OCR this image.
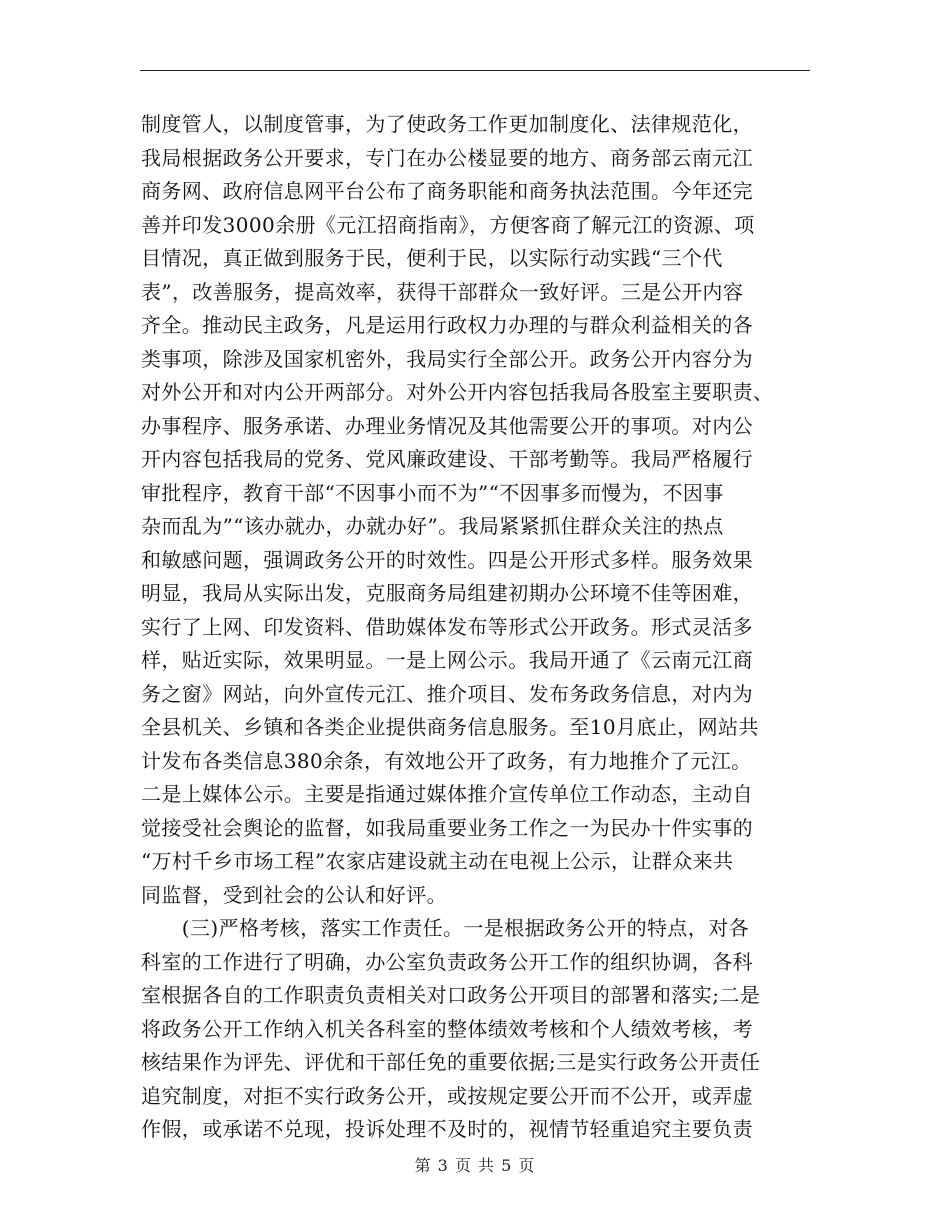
制度管人，以制度管事，为了使政务工作更加制度化、法律规范化，
我局根据政务公开要求，专门在办公楼显要的地方、商务部云南元江
商务网、政府信息网平台公布了商务职能和商务执法范围。今年还完
善并印发3000余册《元江招商指南》，方便客商了解元江的资源、项
目情况，真正做到服务于民，便利于民，以实际行动实践“三个代
表”，改善服务，提高效率，获得干部群众一致好评。三是公开内容
齐全。推动民主政务，凡是运用行政权力办理的与群众利益相关的各
类事项，除涉及国家机密外，我局实行全部公开。政务公开内容分为
对外公开和对内公开两部分。对外公开内容包括我局各股室主要职责、
办事程序、服务承诺、办理业务情况及其他需要公开的事项。对内公
开内容包括我局的党务、党风廉政建设、干部考勤等。我局严格履行
审批程序，教育干部“不因事小而不为”“不因事多而慢为，不因事
杂而乱为”“该办就办，办就办好”。我局紧紧抓住群众关注的热点
和敏感问题，强调政务公开的时效性。四是公开形式多样。服务效果
明显，我局从实际出发，克服商务局组建初期办公环境不佳等困难，
实行了上网、印发资料、借助媒体发布等形式公开政务。形式灵活多
样，贴近实际，效果明显。一是上网公示。我局开通了《云南元江商
务之窗》网站，向外宣传元江、推介项目、发布务政务信息，对内为
全县机关、乡镇和各类企业提供商务信息服务。至10月底止，网站共
计发布各类信息380余条，有效地公开了政务，有力地推介了元江。
二是上媒体公示。主要是指通过媒体推介宣传单位工作动态，主动自
觉接受社会舆论的监督，如我局重要业务工作之一为民办十件实事的
“万村千乡市场工程”农家店建设就主动在电视上公示，让群众来共
同监督，受到社会的公认和好评。
　　(三)严格考核，落实工作责任。一是根据政务公开的特点，对各
科室的工作进行了明确，办公室负责政务公开工作的组织协调，各科
室根据各自的工作职责负责相关对口政务公开项目的部署和落实;二是
将政务公开工作纳入机关各科室的整体绩效考核和个人绩效考核，考
核结果作为评先、评优和干部任免的重要依据;三是实行政务公开责任
追究制度，对拒不实行政务公开，或按规定要公开而不公开，或弄虚
作假，或承诺不兑现，投诉处理不及时的，视情节轻重追究主要负责
第 3 页 共 5 页
